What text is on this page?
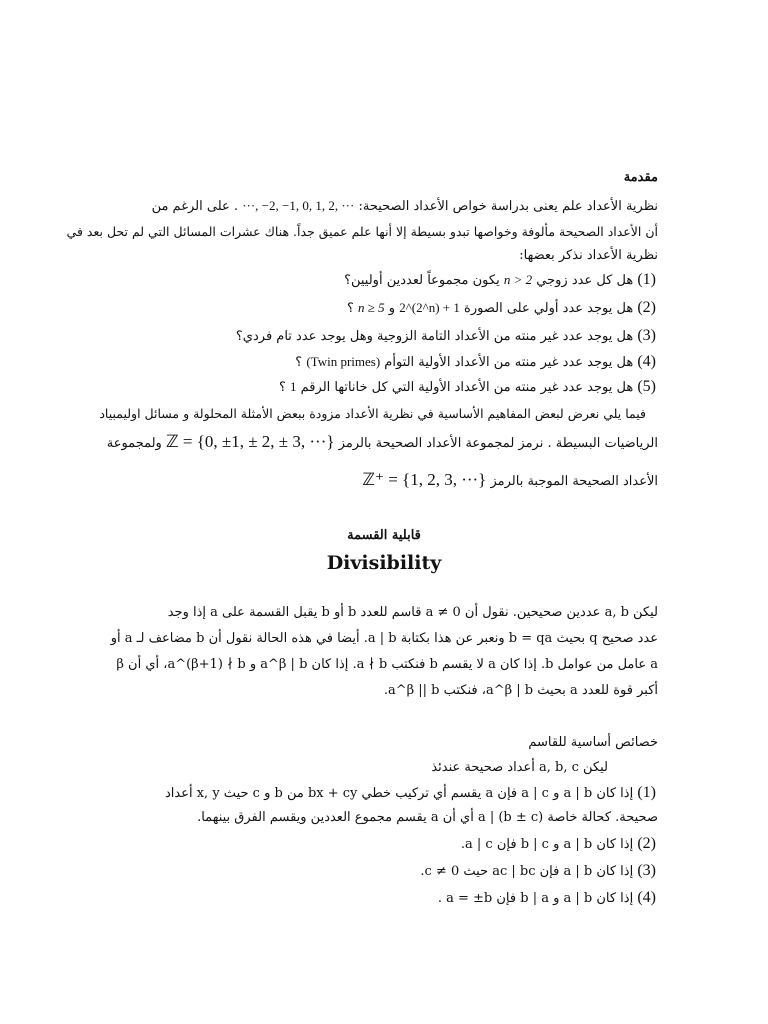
مقدمة
نظرية الأعداد علم يعنى بدراسة خواص الأعداد الصحيحة: ···, −2, −1, 0, 1, 2, ··· . على الرغم من
أن الأعداد الصحيحة مألوفة وخواصها تبدو بسيطة إلا أنها علم عميق جداً. هناك عشرات المسائل التي لم تحل بعد في
نظرية الأعداد نذكر بعضها:
(1) هل كل عدد زوجي n > 2 يكون مجموعاً لعددين أوليين؟
(2) هل يوجد عدد أولي على الصورة 2^(2^n) + 1 و n ≥ 5 ؟
(3) هل يوجد عدد غير منته من الأعداد التامة الزوجية وهل يوجد عدد تام فردي؟
(4) هل يوجد عدد غير منته من الأعداد الأولية التوأم (Twin primes) ؟
(5) هل يوجد عدد غير منته من الأعداد الأولية التي كل خاناتها الرقم 1 ؟
فيما يلي نعرض لبعض المفاهيم الأساسية في نظرية الأعداد مزودة ببعض الأمثلة المحلولة و مسائل اوليمبياد
الرياضيات البسيطة . نرمز لمجموعة الأعداد الصحيحة بالرمز ℤ = {0, ±1, ± 2, ± 3, ···} ولمجموعة
الأعداد الصحيحة الموجبة بالرمز ℤ⁺ = {1, 2, 3, ···}
قابلية القسمة
Divisibility
ليكن a, b عددين صحيحين. نقول أن a ≠ 0 قاسم للعدد b أو b يقبل القسمة على a إذا وجد
عدد صحيح q بحيث b = qa ونعبر عن هذا بكتابة a | b. أيضا في هذه الحالة نقول أن b مضاعف لـ a أو
a عامل من عوامل b. إذا كان a لا يقسم b فنكتب a ∤ b. إذا كان a^β | b و a^(β+1) ∤ b، أي أن β
أكبر قوة للعدد a بحيث a^β | b، فنكتب a^β || b.
خصائص أساسية للقاسم
ليكن a, b, c أعداد صحيحة عندئذ
(1) إذا كان a | b و a | c فإن a يقسم أي تركيب خطي bx + cy من b و c حيث x, y أعداد
صحيحة. كحالة خاصة a | (b ± c) أي أن a يقسم مجموع العددين ويقسم الفرق بينهما.
(2) إذا كان a | b و b | c فإن a | c.
(3) إذا كان a | b فإن ac | bc حيث c ≠ 0.
(4) إذا كان a | b و b | a فإن a = ±b .
